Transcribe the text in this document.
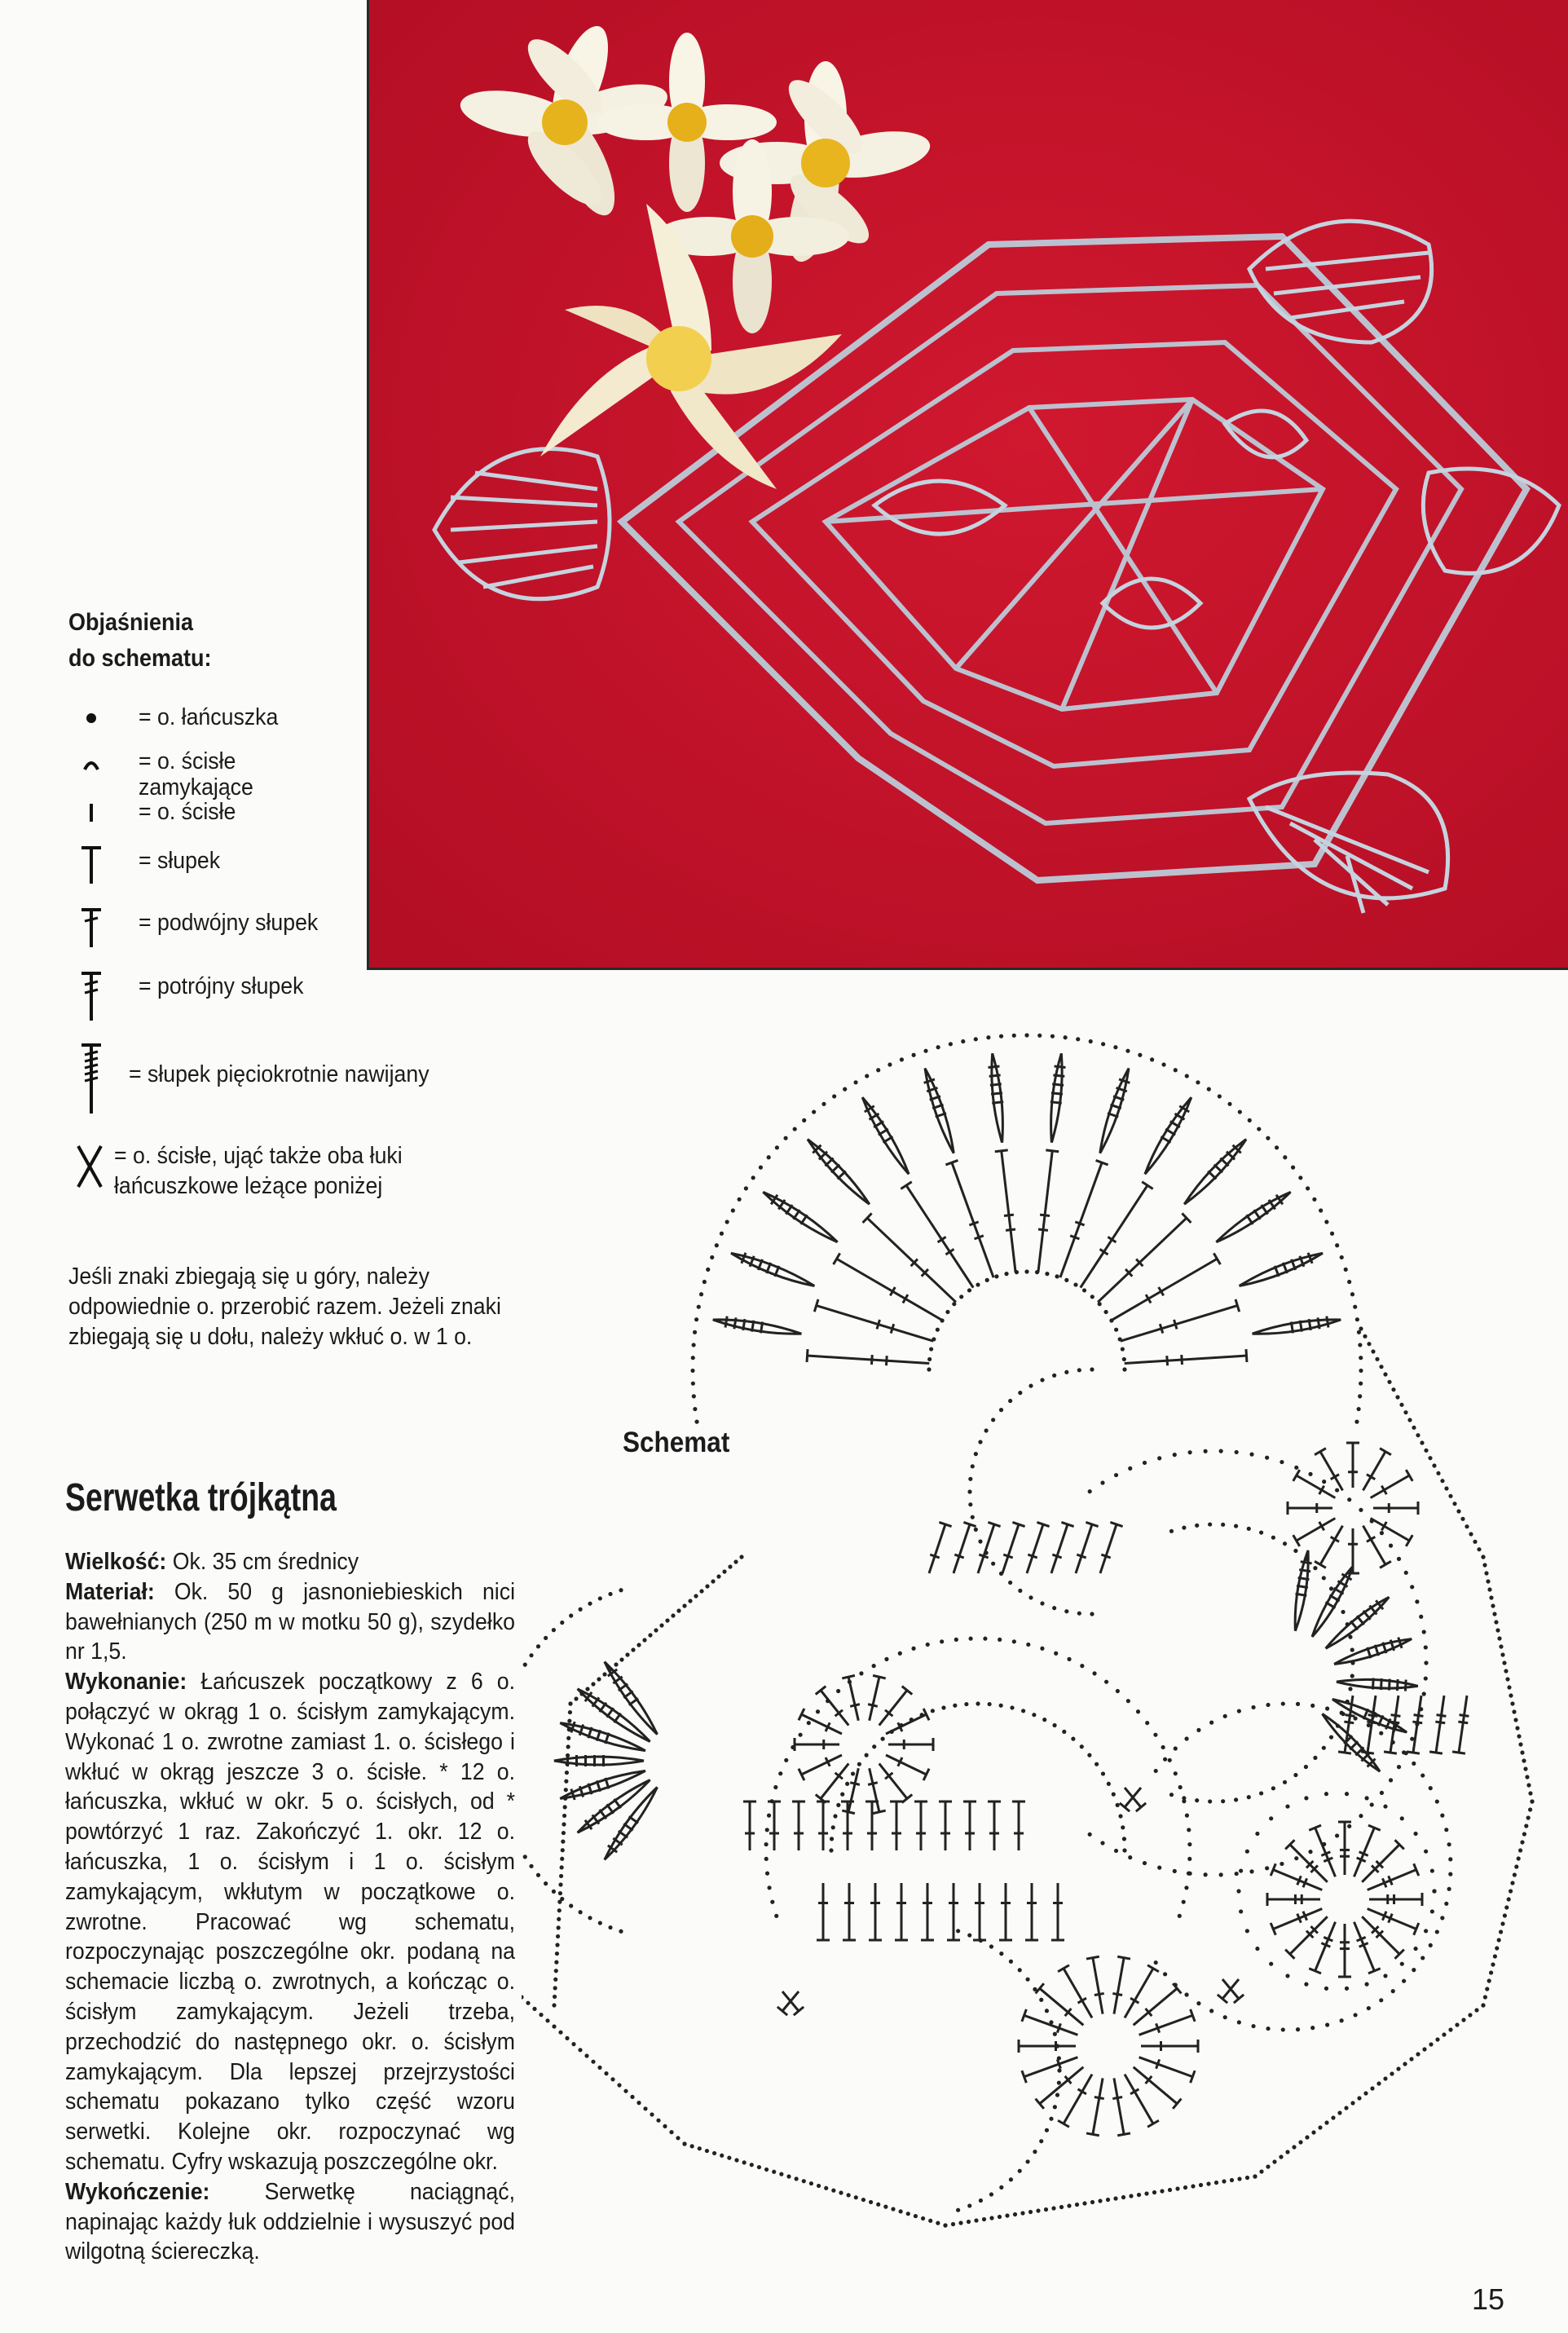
Objaśnienia
do schematu:
= o. łańcuszka
= o. ścisłe zamykające
= o. ścisłe
= słupek
= podwójny słupek
= potrójny słupek
= słupek pięciokrotnie nawijany
= o. ścisłe, ująć także oba łuki łańcuszkowe leżące poniżej
Jeśli znaki zbiegają się u góry, należy odpowiednie o. przerobić razem. Jeżeli znaki zbiegają się u dołu, należy wkłuć o. w 1 o.
Schemat
Serwetka trójkątna
Wielkość: Ok. 35 cm średnicy
Materiał: Ok. 50 g jasnoniebieskich nici bawełnianych (250 m w motku 50 g), szydełko nr 1,5.
Wykonanie: Łańcuszek początkowy z 6 o. połączyć w okrąg 1 o. ścisłym zamykającym. Wykonać 1 o. zwrotne zamiast 1. o. ścisłego i wkłuć w okrąg jeszcze 3 o. ścisłe. * 12 o. łańcuszka, wkłuć w okr. 5 o. ścisłych, od * powtórzyć 1 raz. Zakończyć 1. okr. 12 o. łańcuszka, 1 o. ścisłym i 1 o. ścisłym zamykającym, wkłutym w początkowe o. zwrotne. Pracować wg schematu, rozpoczynając poszczególne okr. podaną na schemacie liczbą o. zwrotnych, a kończąc o. ścisłym zamykającym. Jeżeli trzeba, przechodzić do następnego okr. o. ścisłym zamykającym. Dla lepszej przejrzystości schematu pokazano tylko część wzoru serwetki. Kolejne okr. rozpoczynać wg schematu. Cyfry wskazują poszczególne okr.
Wykończenie: Serwetkę naciągnąć, napinając każdy łuk oddzielnie i wysuszyć pod wilgotną ściereczką.
15
